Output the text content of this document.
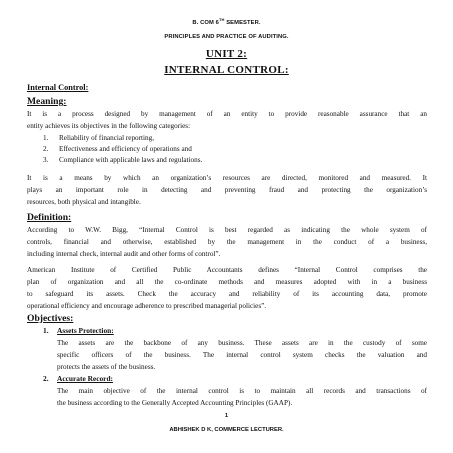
B. COM 6TH SEMESTER.
PRINCIPLES AND PRACTICE OF AUDITING.
UNIT 2:
INTERNAL CONTROL:
Internal Control:
Meaning:
It is a process designed by management of an entity to provide reasonable assurance that an
entity achieves its objectives in the following categories:
1. Reliability of financial reporting,
2. Effectiveness and efficiency of operations and
3. Compliance with applicable laws and regulations.
It is a means by which an organization’s resources are directed, monitored and measured. It
plays an important role in detecting and preventing fraud and protecting the organization’s
resources, both physical and intangible.
Definition:
According to W.W. Bigg, “Internal Control is best regarded as indicating the whole system of
controls, financial and otherwise, established by the management in the conduct of a business,
including internal check, internal audit and other forms of control”.
American Institute of Certified Public Accountants defines “Internal Control comprises the
plan of organization and all the co-ordinate methods and measures adopted with in a business
to safeguard its assets. Check the accuracy and reliability of its accounting data, promote
operational efficiency and encourage adherence to prescribed managerial policies”.
Objectives:
1. Assets Protection:
The assets are the backbone of any business. These assets are in the custody of some
specific officers of the business. The internal control system checks the valuation and
protects the assets of the business.
2. Accurate Record:
The main objective of the internal control is to maintain all records and transactions of
the business according to the Generally Accepted Accounting Principles (GAAP).
1
ABHISHEK D K, COMMERCE LECTURER.
